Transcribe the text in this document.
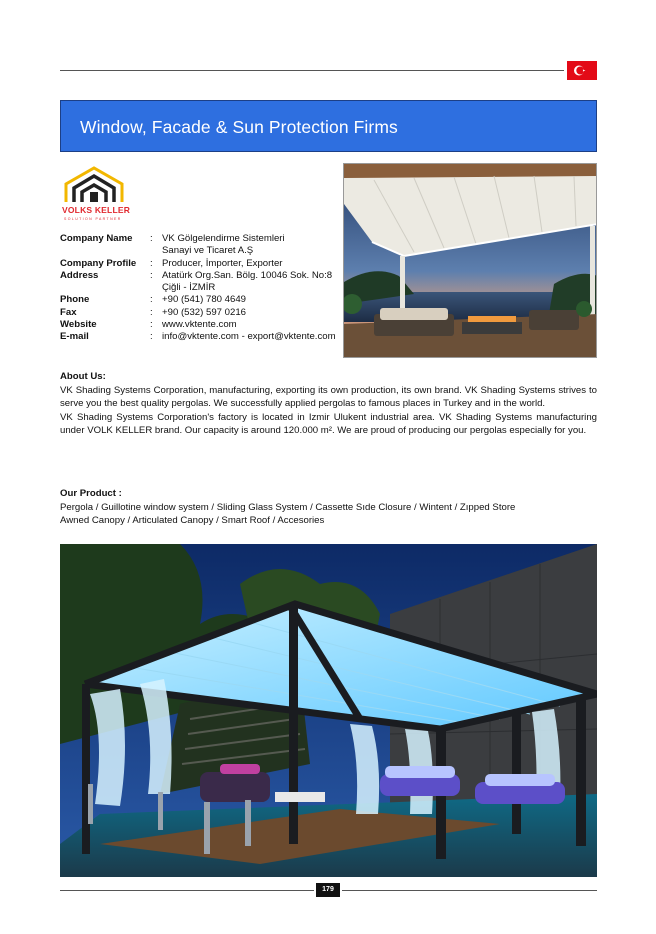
Window, Facade & Sun Protection Firms
VOLKS KELLER
SOLUTION PARTNER
Company Name	: VK Gölgelendirme Sistemleri
Sanayi ve Ticaret A.Ş
Company Profile	: Producer, İmporter, Exporter
Address	: Atatürk Org.San. Bölg. 10046 Sok. No:8
Çiğli - İZMİR
Phone	: +90 (541) 780 4649
Fax	: +90 (532) 597 0216
Website	: www.vktente.com
E-mail	: info@vktente.com - export@vktente.com
About Us:
VK Shading Systems Corporation, manufacturing, exporting its own production, its own brand. VK Shading Systems strives to serve you the best quality pergolas. We successfully applied pergolas to famous places in Turkey and in the world.
VK Shading Systems Corporation's factory is located in Izmir Ulukent industrial area. VK Shading Systems manufacturing under VOLK KELLER brand. Our capacity is around 120.000 m². We are proud of producing our pergolas especially for you.
Our Product :
Pergola / Guillotine window system / Sliding Glass System / Cassette Sıde Closure / Wintent / Zıpped Store
Awned Canopy / Articulated Canopy / Smart Roof / Accesories
179
